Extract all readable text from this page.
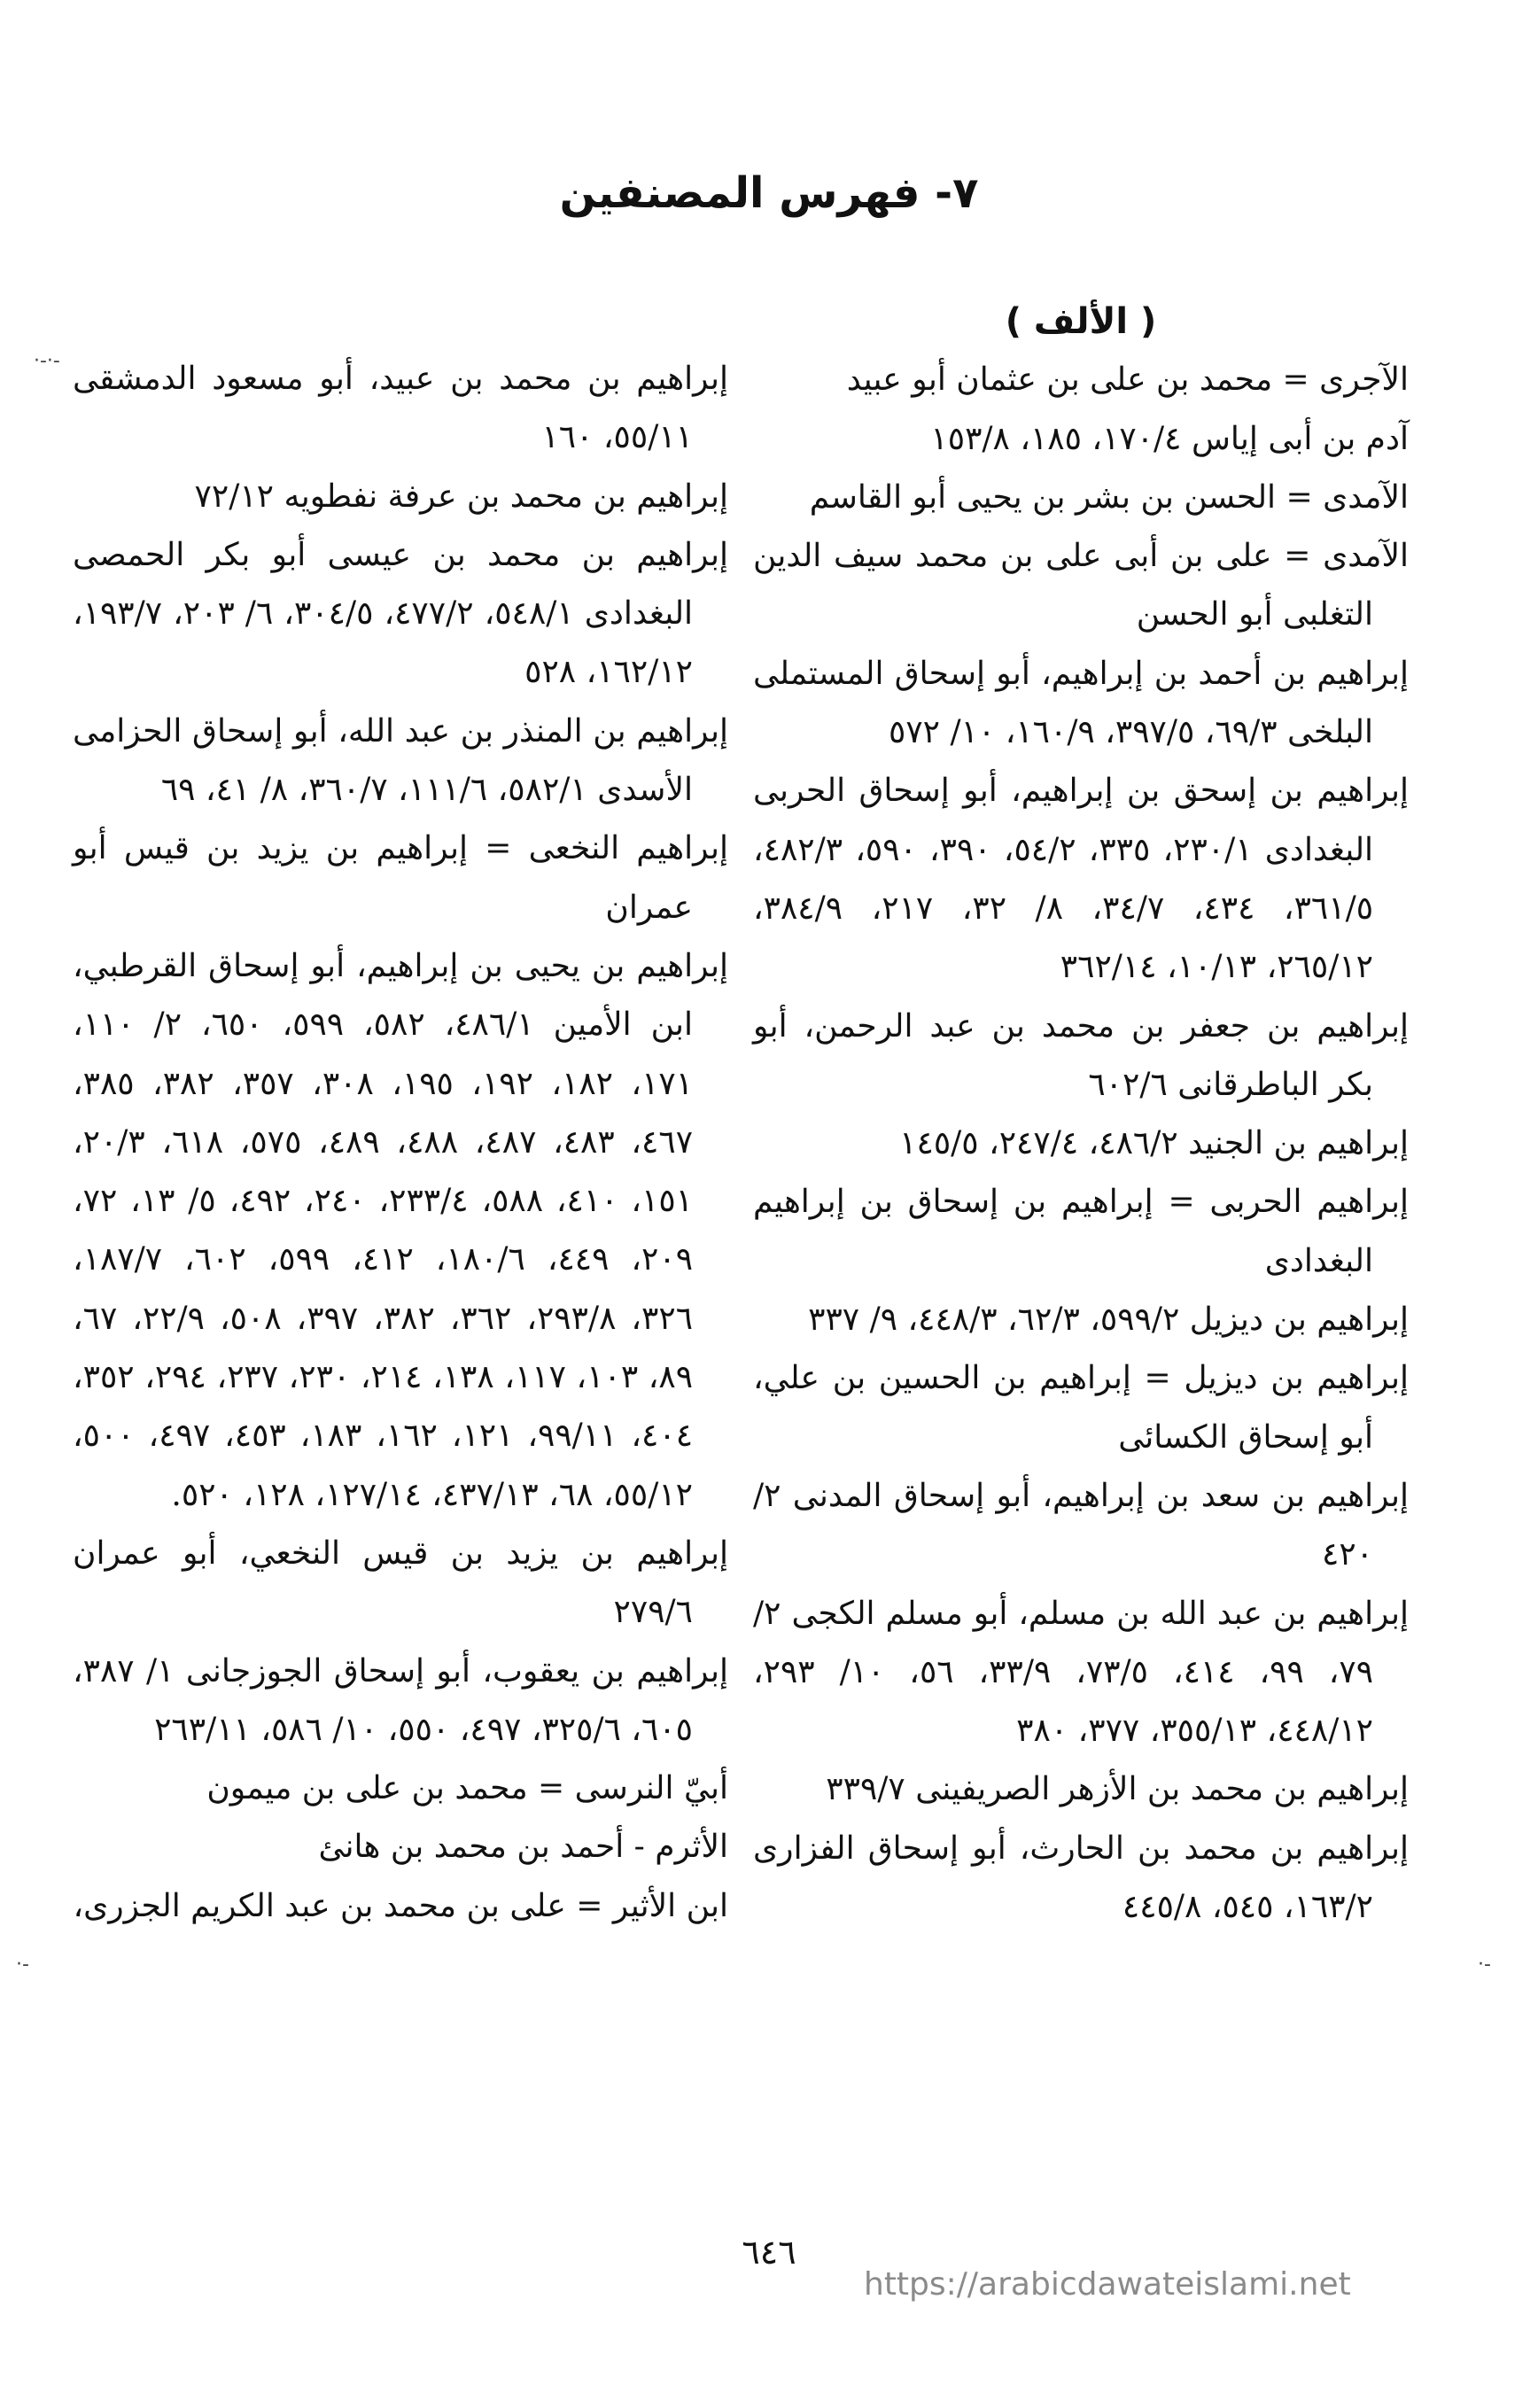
٧- فهرس المصنفين
·-·-
·-	·-
( الألف )

الآجرى = محمد بن على بن عثمان أبو عبيد

آدم بن أبى إياس ١٧٠/٤، ١٨٥، ١٥٣/٨

الآمدى = الحسن بن بشر بن يحيى أبو القاسم

الآمدى = على بن أبى على بن محمد سيف الدين التغلبى أبو الحسن

إبراهيم بن أحمد بن إبراهيم، أبو إسحاق المستملى البلخى ٦٩/٣، ٣٩٧/٥، ١٦٠/٩، ١٠/ ٥٧٢

إبراهيم بن إسحق بن إبراهيم، أبو إسحاق الحربى البغدادى ٢٣٠/١، ٣٣٥، ٥٤/٢، ٣٩٠، ٥٩٠، ٤٨٢/٣، ٣٦١/٥، ٤٣٤، ٣٤/٧، ٨/ ٣٢، ٢١٧، ٣٨٤/٩، ٢٦٥/١٢، ١٠/١٣، ٣٦٢/١٤

إبراهيم بن جعفر بن محمد بن عبد الرحمن، أبو بكر الباطرقانى ٦٠٢/٦

إبراهيم بن الجنيد ٤٨٦/٢، ٢٤٧/٤، ١٤٥/٥

إبراهيم الحربى = إبراهيم بن إسحاق بن إبراهيم البغدادى

إبراهيم بن ديزيل ٥٩٩/٢، ٦٢/٣، ٤٤٨/٣، ٩/ ٣٣٧

إبراهيم بن ديزيل = إبراهيم بن الحسين بن علي، أبو إسحاق الكسائى

إبراهيم بن سعد بن إبراهيم، أبو إسحاق المدنى ٢/ ٤٢٠

إبراهيم بن عبد الله بن مسلم، أبو مسلم الكجى ٢/ ٧٩، ٩٩، ٤١٤، ٧٣/٥، ٣٣/٩، ٥٦، ١٠/ ٢٩٣، ٤٤٨/١٢، ٣٥٥/١٣، ٣٧٧، ٣٨٠

إبراهيم بن محمد بن الأزهر الصريفينى ٣٣٩/٧

إبراهيم بن محمد بن الحارث، أبو إسحاق الفزارى ١٦٣/٢، ٥٤٥، ٤٤٥/٨

إبراهيم بن محمد بن عبيد، أبو مسعود الدمشقى ٥٥/١١، ١٦٠

إبراهيم بن محمد بن عرفة نفطويه ٧٢/١٢

إبراهيم بن محمد بن عيسى أبو بكر الحمصى البغدادى ٥٤٨/١، ٤٧٧/٢، ٣٠٤/٥، ٦/ ٢٠٣، ١٩٣/٧، ١٦٢/١٢، ٥٢٨

إبراهيم بن المنذر بن عبد الله، أبو إسحاق الحزامى الأسدى ٥٨٢/١، ١١١/٦، ٣٦٠/٧، ٨/ ٤١، ٦٩

إبراهيم النخعى = إبراهيم بن يزيد بن قيس أبو عمران

إبراهيم بن يحيى بن إبراهيم، أبو إسحاق القرطبي، ابن الأمين ٤٨٦/١، ٥٨٢، ٥٩٩، ٦٥٠، ٢/ ١١٠، ١٧١، ١٨٢، ١٩٢، ١٩٥، ٣٠٨، ٣٥٧، ٣٨٢، ٣٨٥، ٤٦٧، ٤٨٣، ٤٨٧، ٤٨٨، ٤٨٩، ٥٧٥، ٦١٨، ٢٠/٣، ١٥١، ٤١٠، ٥٨٨، ٢٣٣/٤، ٢٤٠، ٤٩٢، ٥/ ١٣، ٧٢، ٢٠٩، ٤٤٩، ١٨٠/٦، ٤١٢، ٥٩٩، ٦٠٢، ١٨٧/٧، ٣٢٦، ٢٩٣/٨، ٣٦٢، ٣٨٢، ٣٩٧، ٥٠٨، ٢٢/٩، ٦٧، ٨٩، ١٠٣، ١١٧، ١٣٨، ٢١٤، ٢٣٠، ٢٣٧، ٢٩٤، ٣٥٢، ٤٠٤، ٩٩/١١، ١٢١، ١٦٢، ١٨٣، ٤٥٣، ٤٩٧، ٥٠٠، ٥٥/١٢، ٦٨، ٤٣٧/١٣، ١٢٧/١٤، ١٢٨، ٥٢٠.

إبراهيم بن يزيد بن قيس النخعي، أبو عمران ٢٧٩/٦

إبراهيم بن يعقوب، أبو إسحاق الجوزجانى ١/ ٣٨٧، ٦٠٥، ٣٢٥/٦، ٤٩٧، ٥٥٠، ١٠/ ٥٨٦، ٢٦٣/١١

أبيّ النرسى = محمد بن على بن ميمون

الأثرم - أحمد بن محمد بن هانئ

ابن الأثير = على بن محمد بن عبد الكريم الجزرى،

٦٤٦
https://arabicdawateislami.net
